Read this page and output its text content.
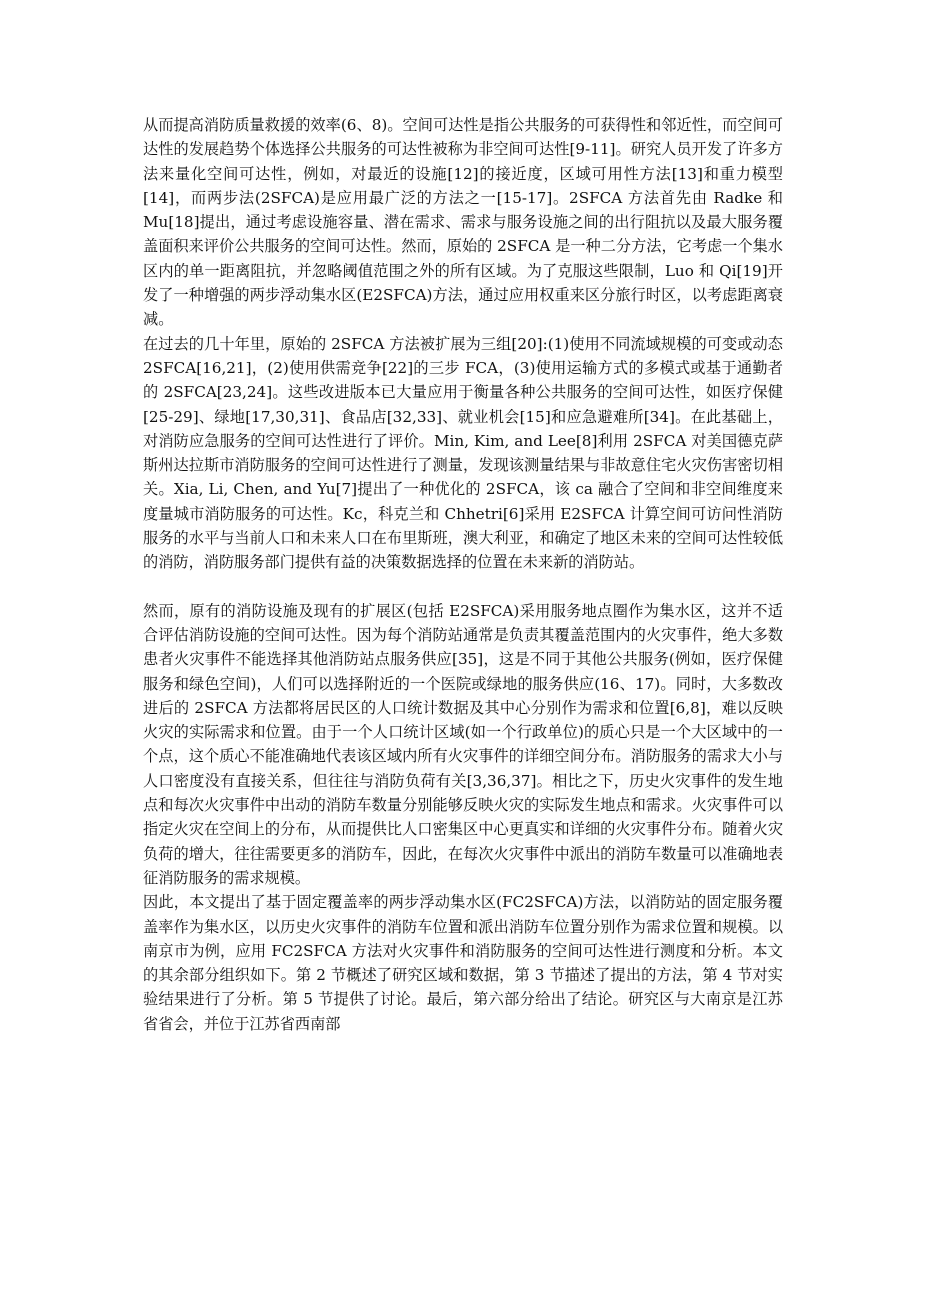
从而提高消防质量救援的效率(6、8)。空间可达性是指公共服务的可获得性和邻近性，而空间可达性的发展趋势个体选择公共服务的可达性被称为非空间可达性[9-11]。研究人员开发了许多方法来量化空间可达性，例如，对最近的设施[12]的接近度，区域可用性方法[13]和重力模型[14]，而两步法(2SFCA)是应用最广泛的方法之一[15-17]。2SFCA 方法首先由 Radke 和 Mu[18]提出，通过考虑设施容量、潜在需求、需求与服务设施之间的出行阻抗以及最大服务覆盖面积来评价公共服务的空间可达性。然而，原始的 2SFCA 是一种二分方法，它考虑一个集水区内的单一距离阻抗，并忽略阈值范围之外的所有区域。为了克服这些限制，Luo 和 Qi[19]开发了一种增强的两步浮动集水区(E2SFCA)方法，通过应用权重来区分旅行时区，以考虑距离衰减。

在过去的几十年里，原始的 2SFCA 方法被扩展为三组[20]:(1)使用不同流域规模的可变或动态 2SFCA[16,21]，(2)使用供需竞争[22]的三步 FCA，(3)使用运输方式的多模式或基于通勤者的 2SFCA[23,24]。这些改进版本已大量应用于衡量各种公共服务的空间可达性，如医疗保健[25-29]、绿地[17,30,31]、食品店[32,33]、就业机会[15]和应急避难所[34]。在此基础上，对消防应急服务的空间可达性进行了评价。Min, Kim, and Lee[8]利用 2SFCA 对美国德克萨斯州达拉斯市消防服务的空间可达性进行了测量，发现该测量结果与非故意住宅火灾伤害密切相关。Xia, Li, Chen, and Yu[7]提出了一种优化的 2SFCA，该 ca 融合了空间和非空间维度来度量城市消防服务的可达性。Kc，科克兰和 Chhetri[6]采用 E2SFCA 计算空间可访问性消防服务的水平与当前人口和未来人口在布里斯班，澳大利亚，和确定了地区未来的空间可达性较低的消防，消防服务部门提供有益的决策数据选择的位置在未来新的消防站。

然而，原有的消防设施及现有的扩展区(包括 E2SFCA)采用服务地点圈作为集水区，这并不适合评估消防设施的空间可达性。因为每个消防站通常是负责其覆盖范围内的火灾事件，绝大多数患者火灾事件不能选择其他消防站点服务供应[35]，这是不同于其他公共服务(例如，医疗保健服务和绿色空间)，人们可以选择附近的一个医院或绿地的服务供应(16、17)。同时，大多数改进后的 2SFCA 方法都将居民区的人口统计数据及其中心分别作为需求和位置[6,8]，难以反映火灾的实际需求和位置。由于一个人口统计区域(如一个行政单位)的质心只是一个大区域中的一个点，这个质心不能准确地代表该区域内所有火灾事件的详细空间分布。消防服务的需求大小与人口密度没有直接关系，但往往与消防负荷有关[3,36,37]。相比之下，历史火灾事件的发生地点和每次火灾事件中出动的消防车数量分别能够反映火灾的实际发生地点和需求。火灾事件可以指定火灾在空间上的分布，从而提供比人口密集区中心更真实和详细的火灾事件分布。随着火灾负荷的增大，往往需要更多的消防车，因此，在每次火灾事件中派出的消防车数量可以准确地表征消防服务的需求规模。

因此，本文提出了基于固定覆盖率的两步浮动集水区(FC2SFCA)方法，以消防站的固定服务覆盖率作为集水区，以历史火灾事件的消防车位置和派出消防车位置分别作为需求位置和规模。以南京市为例，应用 FC2SFCA 方法对火灾事件和消防服务的空间可达性进行测度和分析。本文的其余部分组织如下。第 2 节概述了研究区域和数据，第 3 节描述了提出的方法，第 4 节对实验结果进行了分析。第 5 节提供了讨论。最后，第六部分给出了结论。研究区与大南京是江苏省省会，并位于江苏省西南部
